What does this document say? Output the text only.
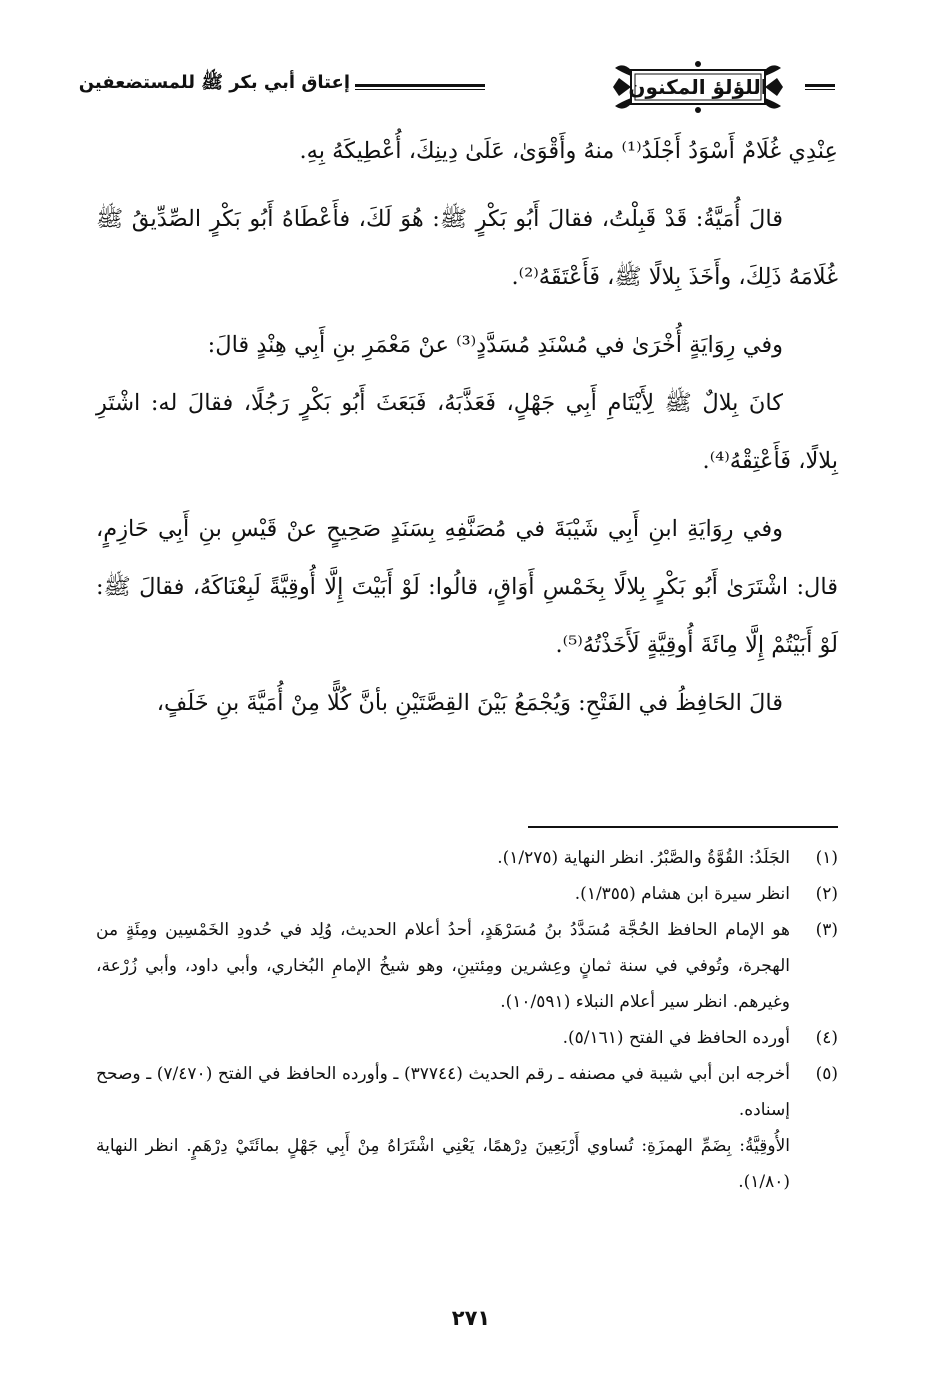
اللؤلؤ المكنون
إعتاق أبي بكر ﷺ للمستضعفين

عِنْدِي غُلَامٌ أَسْوَدُ أَجْلَدُ⁽¹⁾ منهُ وأَقْوَىٰ، عَلَىٰ دِينِكَ، أُعْطِيكَهُ بِهِ.

قالَ أُمَيَّةُ: قَدْ قَبِلْتُ، فقالَ أَبُو بَكْرٍ ﷺ: هُوَ لَكَ، فأَعْطَاهُ أَبُو بَكْرٍ الصِّدِّيقُ ﷺ غُلَامَهُ ذَلِكَ، وأَخَذَ بِلالًا ﷺ، فَأَعْتَقَهُ⁽²⁾.

وفي رِوَايَةٍ أُخْرَىٰ في مُسْنَدِ مُسَدَّدٍ⁽³⁾ عنْ مَعْمَرِ بنِ أَبِي هِنْدٍ قالَ:

كانَ بِلالٌ ﷺ لِأَيْتَامِ أَبِي جَهْلٍ، فَعَذَّبَهُ، فَبَعَثَ أَبُو بَكْرٍ رَجُلًا، فقالَ له: اشْتَرِ بِلالًا، فَأَعْتِقْهُ⁽⁴⁾.

وفي رِوَايَةِ ابنِ أَبِي شَيْبَةَ في مُصَنَّفِهِ بِسَنَدٍ صَحِيحٍ عنْ قَيْسِ بنِ أَبِي حَازِمٍ، قال: اشْتَرَىٰ أَبُو بَكْرٍ بِلالًا بِخَمْسِ أَوَاقٍ، قالُوا: لَوْ أَبَيْتَ إِلَّا أُوقِيَّةً لَبِعْنَاكَهُ، فقالَ ﷺ: لَوْ أَبَيْتُمْ إِلَّا مِائَةَ أُوقِيَّةٍ لَأَخَذْتُهُ⁽⁵⁾.

قالَ الحَافِظُ في الفَتْحِ: وَيُجْمَعُ بَيْنَ القِصَّتَيْنِ بأنَّ كُلًّا مِنْ أُمَيَّةَ بنِ خَلَفٍ،

(١)
الجَلَدُ: القُوَّةُ والصَّبْرُ. انظر النهاية (١/٢٧٥).
(٢)
انظر سيرة ابن هشام (١/٣٥٥).
(٣)
هو الإمام الحافظ الحُجَّة مُسَدَّدُ بنُ مُسَرْهَدٍ، أحدُ أعلام الحديث، وُلِد في حُدودِ الخَمْسِين ومِئَةٍ من الهجرة، وتُوفي في سنة ثمانٍ وعِشرين ومِئتينِ، وهو شيخُ الإمامِ البُخاري، وأبي داود، وأبي زُرْعة، وغيرهم. انظر سير أعلام النبلاء (١٠/٥٩١).
(٤)
أورده الحافظ في الفتح (٥/١٦١).
(٥)
أخرجه ابن أبي شيبة في مصنفه ـ رقم الحديث (٣٧٧٤٤) ـ وأورده الحافظ في الفتح (٧/٤٧٠) ـ وصحح إسناده.

الأُوقِيَّةُ: بِضَمِّ الهمزَةِ: تُساوي أَرْبَعِينَ دِرْهمًا، يَعْنِي اشْتَرَاهُ مِنْ أَبِي جَهْلٍ بمائَتَيْ دِرْهَمٍ. انظر النهاية (١/٨٠).

٢٧١
